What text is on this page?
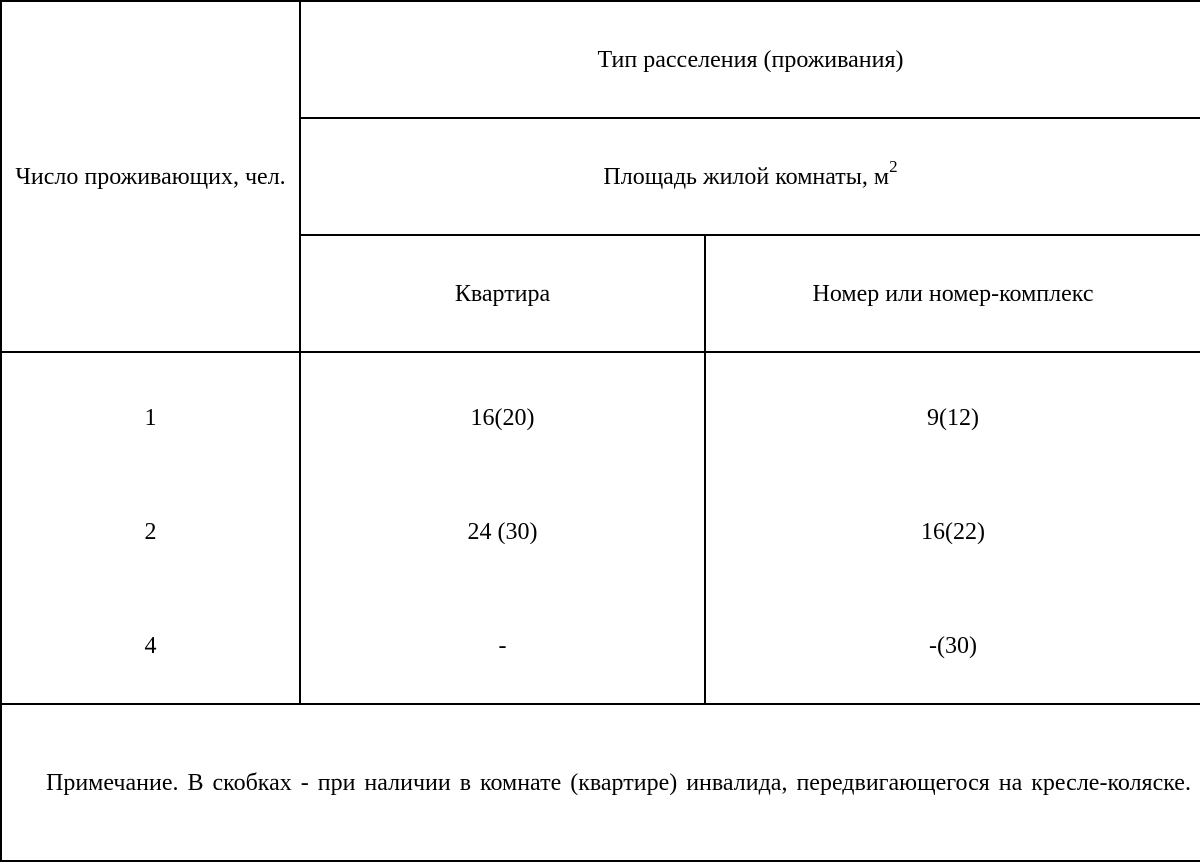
Число проживающих, чел.	Тип расселения (проживания)	
	Площадь жилой комнаты, $м^2$
	Квартира	Номер или номер-комплекс
1	16(20)	9(12)
2	24 (30)	16(22)
4	-	-(30)

Примечание. В скобках - при наличии в комнате (квартире) инвалида, передвигающегося на кресле-коляске.		
